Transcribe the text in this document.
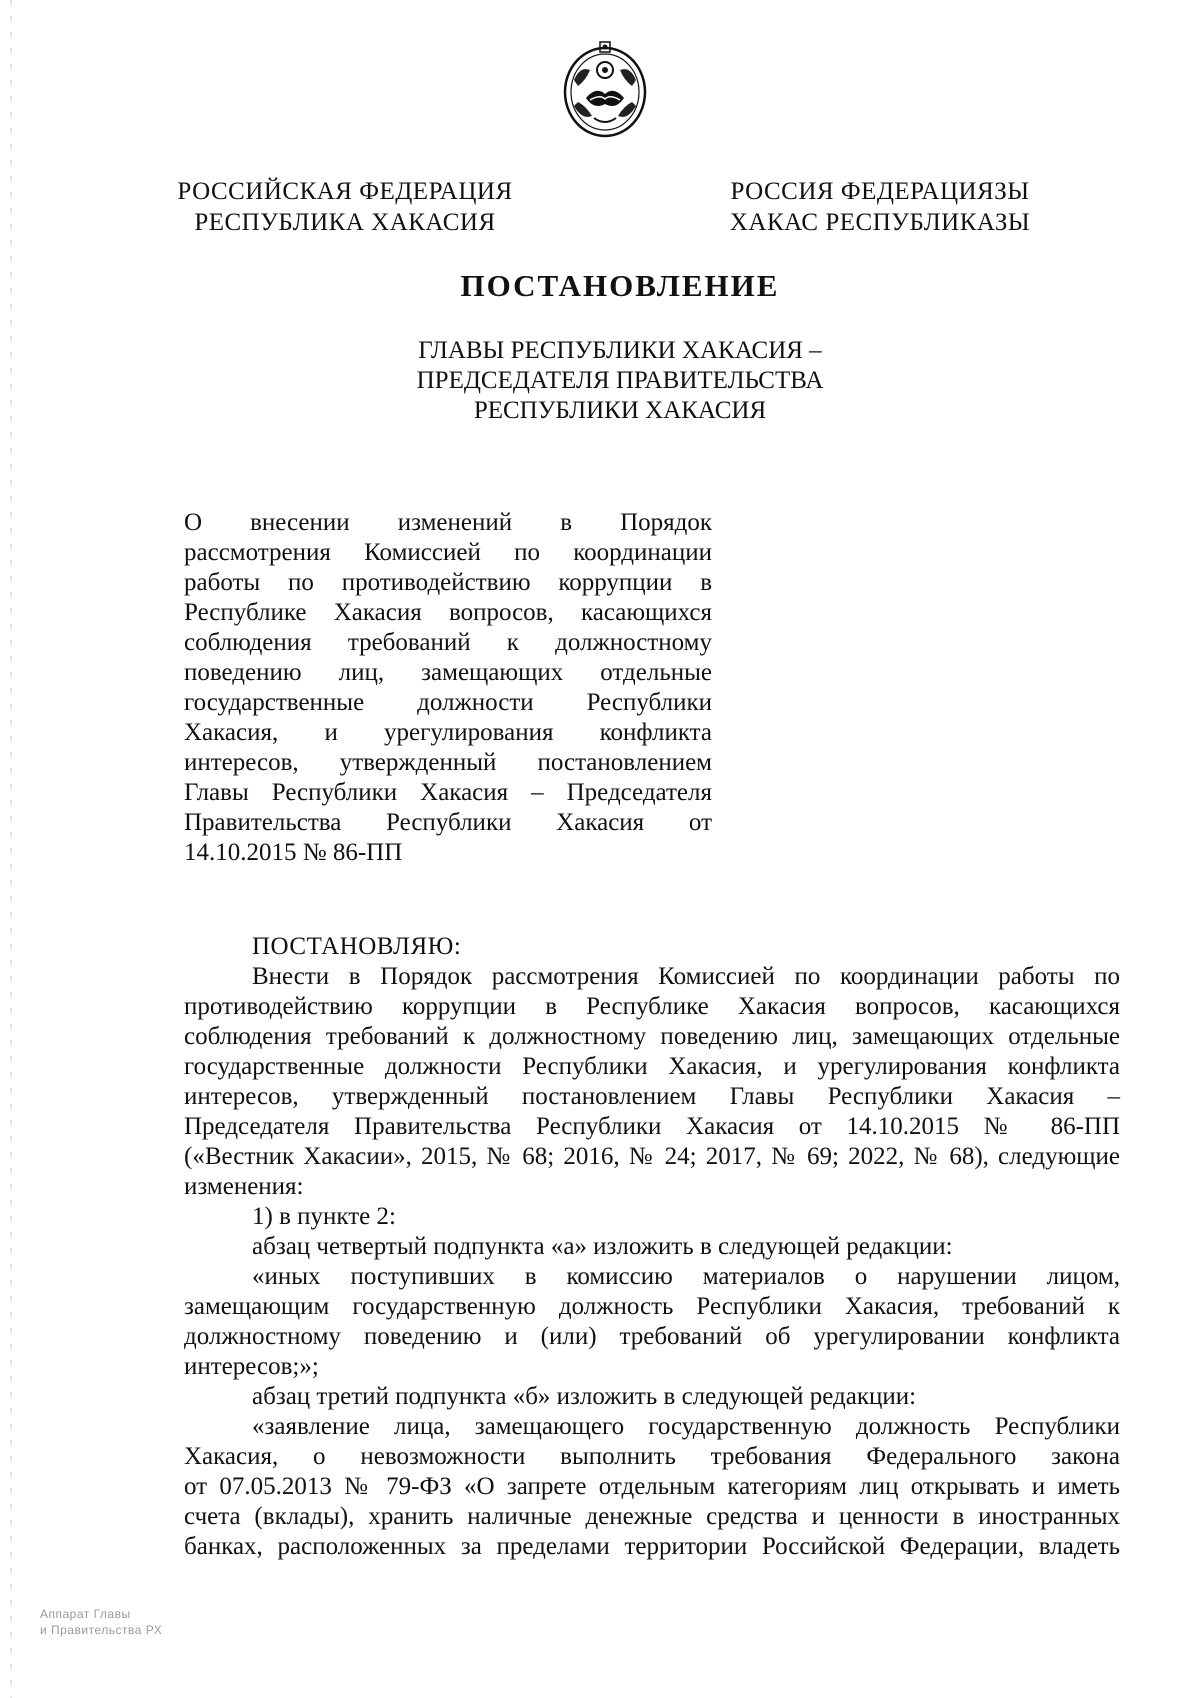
РОССИЙСКАЯ ФЕДЕРАЦИЯ
РЕСПУБЛИКА ХАКАСИЯ
РОССИЯ ФЕДЕРАЦИЯЗЫ
ХАКАС РЕСПУБЛИКАЗЫ
ПОСТАНОВЛЕНИЕ
ГЛАВЫ РЕСПУБЛИКИ ХАКАСИЯ –
ПРЕДСЕДАТЕЛЯ ПРАВИТЕЛЬСТВА
РЕСПУБЛИКИ ХАКАСИЯ
О внесении изменений в Порядок
рассмотрения Комиссией по координации
работы по противодействию коррупции в
Республике Хакасия вопросов, касающихся
соблюдения требований к должностному
поведению лиц, замещающих отдельные
государственные должности Республики
Хакасия, и урегулирования конфликта
интересов, утвержденный постановлением
Главы Республики Хакасия – Председателя
Правительства Республики Хакасия от
14.10.2015 № 86-ПП
ПОСТАНОВЛЯЮ:
Внести в Порядок рассмотрения Комиссией по координации работы по
противодействию коррупции в Республике Хакасия вопросов, касающихся
соблюдения требований к должностному поведению лиц, замещающих отдельные
государственные должности Республики Хакасия, и урегулирования конфликта
интересов, утвержденный постановлением Главы Республики Хакасия –
Председателя Правительства Республики Хакасия от 14.10.2015 № 86-ПП
(«Вестник Хакасии», 2015, № 68; 2016, № 24; 2017, № 69; 2022, № 68), следующие
изменения:
1) в пункте 2:
абзац четвертый подпункта «а» изложить в следующей редакции:
«иных поступивших в комиссию материалов о нарушении лицом,
замещающим государственную должность Республики Хакасия, требований к
должностному поведению и (или) требований об урегулировании конфликта
интересов;»;
абзац третий подпункта «б» изложить в следующей редакции:
«заявление лица, замещающего государственную должность Республики
Хакасия, о невозможности выполнить требования Федерального закона
от 07.05.2013 № 79-ФЗ «О запрете отдельным категориям лиц открывать и иметь
счета (вклады), хранить наличные денежные средства и ценности в иностранных
банках, расположенных за пределами территории Российской Федерации, владеть
Аппарат Главы
и Правительства РХ
